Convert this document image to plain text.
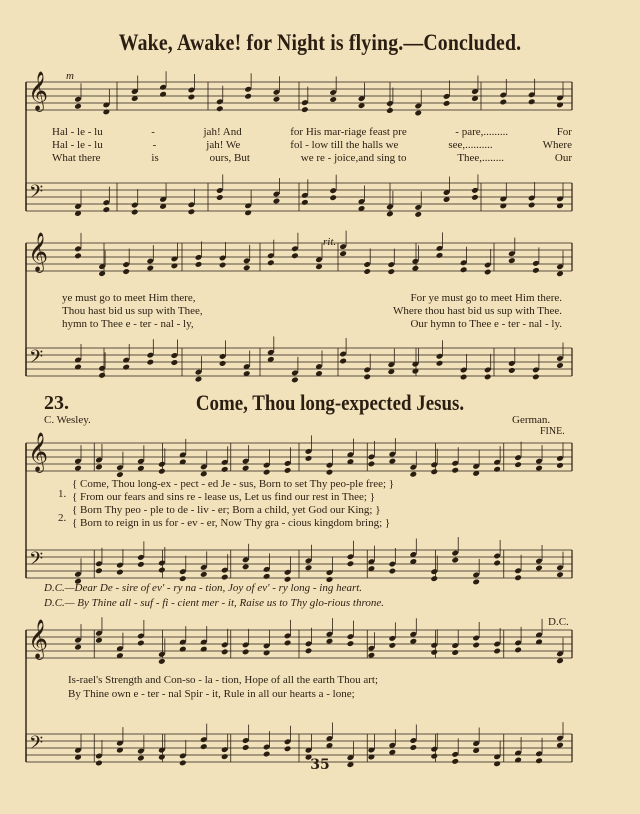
Wake, Awake! for Night is flying.—Concluded.
𝄞
𝄢
𝄞
𝄢
𝄞
𝄢
𝄞
𝄢
m
rit.
Hal - le - lu	-	jah! And	for His mar-riage feast pre	- pare,.........	For
Hal - le - lu	-	jah! We	fol - low till the halls we	see,..........	Where
What there	is	ours, But	we re - joice,and sing to	Thee,........	Our
ye must go to meet Him there,	For ye must go to meet Him there.
Thou hast bid us sup with Thee,	Where thou hast bid us sup with Thee.
hymn to Thee e - ter - nal - ly,	Our hymn to Thee e - ter - nal - ly.
23.	Come, Thou long-expected Jesus.
C. Wesley.	German.
FINE.
1.
2.
{ Come, Thou long-ex - pect - ed Je - sus, Born to set Thy peo-ple free; }
{ From our fears and sins re - lease us, Let us find our rest in Thee; }
{ Born Thy peo - ple to de - liv - er; Born a child, yet God our King; }
{ Born to reign in us for - ev - er, Now Thy gra - cious kingdom bring; }
D.C.—Dear De - sire of ev' - ry na - tion, Joy of ev' - ry long - ing heart.
D.C.— By Thine all - suf - fi - cient mer - it, Raise us to Thy glo-rious throne.
D.C.
Is-rael's Strength and Con-so - la - tion, Hope of all the earth Thou art;
By Thine own e - ter - nal Spir - it, Rule in all our hearts a - lone;
35
